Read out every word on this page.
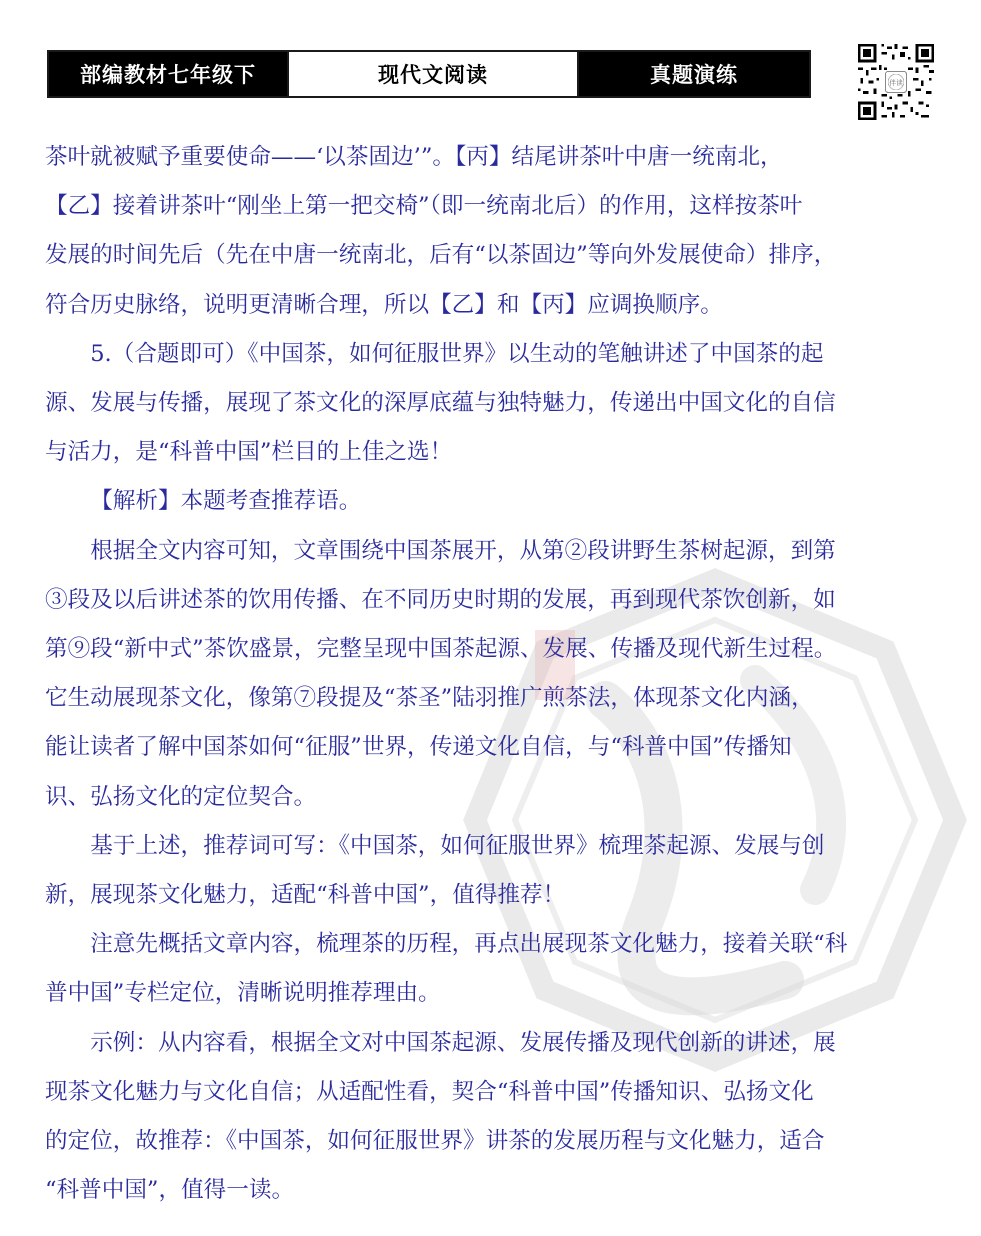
部编教材七年级下	现代文阅读	真题演练	伴读

茶叶就被赋予重要使命——‘以茶固边’”。【丙】结尾讲茶叶中唐一统南北，
【乙】接着讲茶叶“刚坐上第一把交椅”（即一统南北后）的作用，这样按茶叶
发展的时间先后（先在中唐一统南北，后有“以茶固边”等向外发展使命）排序，
符合历史脉络，说明更清晰合理，所以【乙】和【丙】应调换顺序。

5.（合题即可）《中国茶，如何征服世界》以生动的笔触讲述了中国茶的起
源、发展与传播，展现了茶文化的深厚底蕴与独特魅力，传递出中国文化的自信
与活力，是“科普中国”栏目的上佳之选！

【解析】本题考查推荐语。

根据全文内容可知，文章围绕中国茶展开，从第②段讲野生茶树起源，到第
③段及以后讲述茶的饮用传播、在不同历史时期的发展，再到现代茶饮创新，如
第⑨段“新中式”茶饮盛景，完整呈现中国茶起源、发展、传播及现代新生过程。
它生动展现茶文化，像第⑦段提及“茶圣”陆羽推广煎茶法，体现茶文化内涵，
能让读者了解中国茶如何“征服”世界，传递文化自信，与“科普中国”传播知
识、弘扬文化的定位契合。

基于上述，推荐词可写：《中国茶，如何征服世界》梳理茶起源、发展与创
新，展现茶文化魅力，适配“科普中国”，值得推荐！

注意先概括文章内容，梳理茶的历程，再点出展现茶文化魅力，接着关联“科
普中国”专栏定位，清晰说明推荐理由。

示例：从内容看，根据全文对中国茶起源、发展传播及现代创新的讲述，展
现茶文化魅力与文化自信；从适配性看，契合“科普中国”传播知识、弘扬文化
的定位，故推荐：《中国茶，如何征服世界》讲茶的发展历程与文化魅力，适合
“科普中国”，值得一读。
